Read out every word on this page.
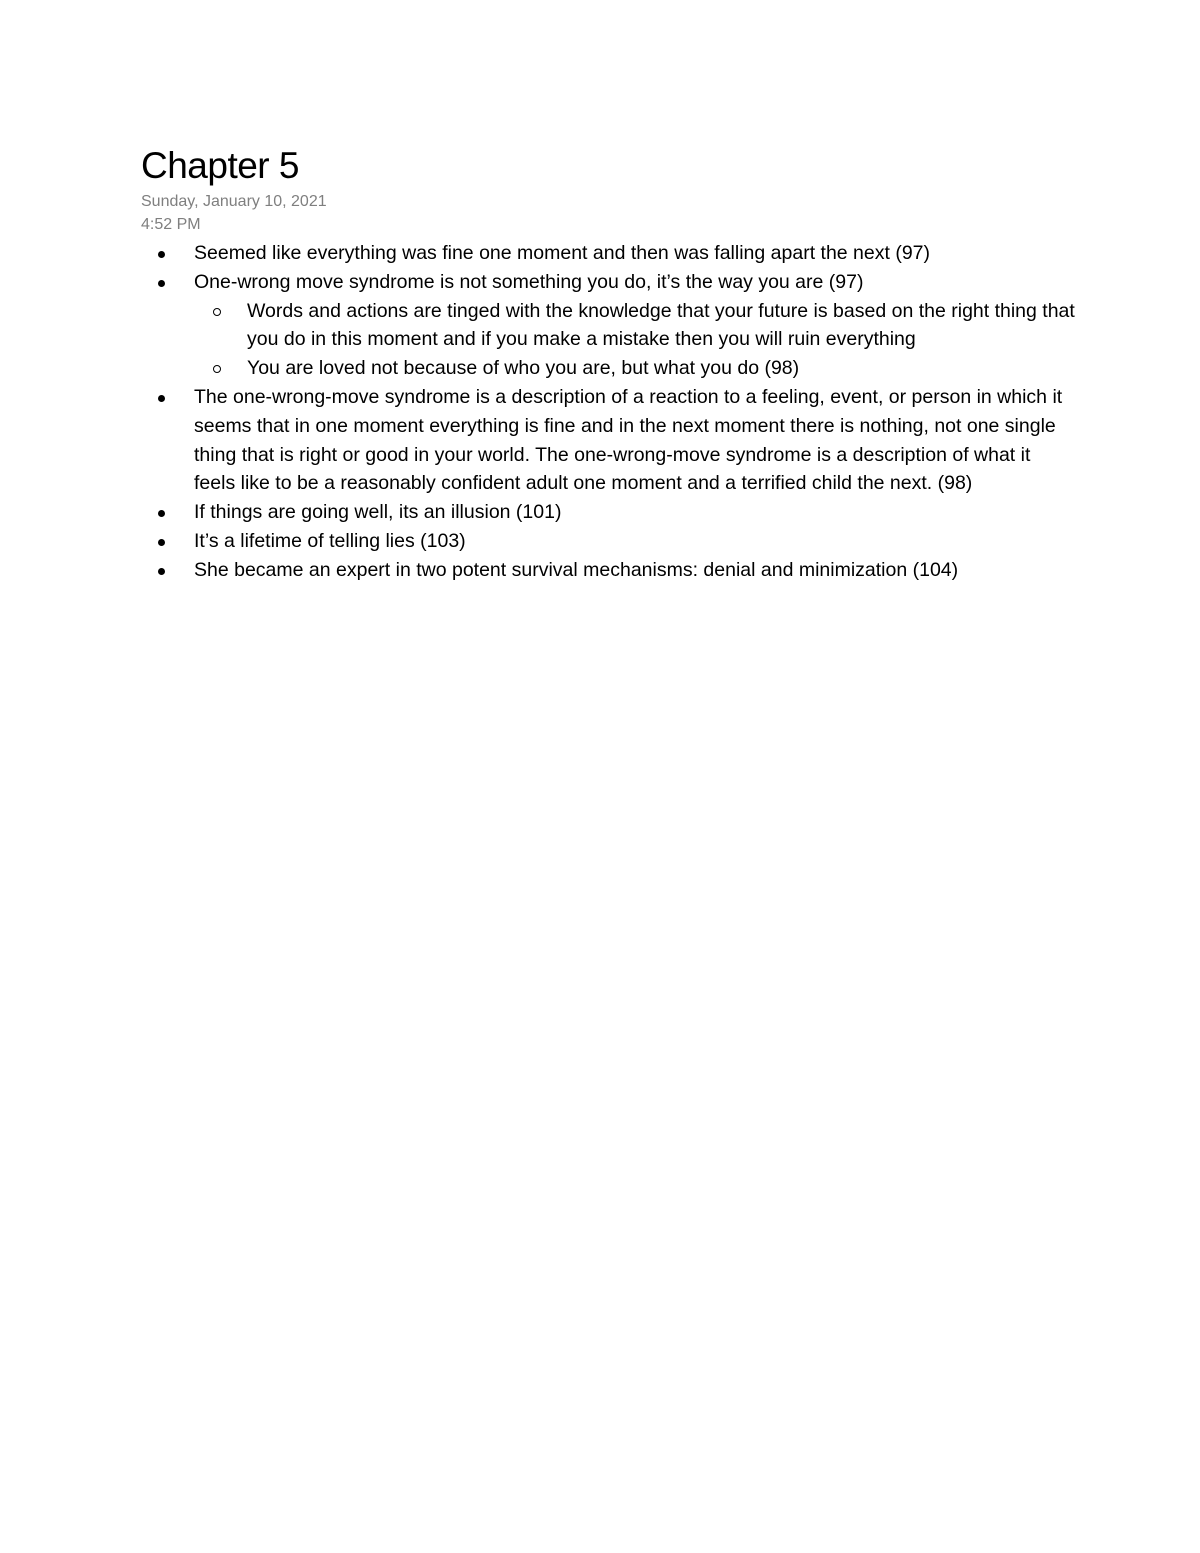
Chapter 5
Sunday, January 10, 2021
4:52 PM
Seemed like everything was fine one moment and then was falling apart the next (97)
One-wrong move syndrome is not something you do, it’s the way you are (97)
Words and actions are tinged with the knowledge that your future is based on the right thing that you do in this moment and if you make a mistake then you will ruin everything
You are loved not because of who you are, but what you do (98)
The one-wrong-move syndrome is a description of a reaction to a feeling, event, or person in which it seems that in one moment everything is fine and in the next moment there is nothing, not one single thing that is right or good in your world. The one-wrong-move syndrome is a description of what it feels like to be a reasonably confident adult one moment and a terrified child the next. (98)
If things are going well, its an illusion (101)
It’s a lifetime of telling lies (103)
She became an expert in two potent survival mechanisms: denial and minimization (104)
